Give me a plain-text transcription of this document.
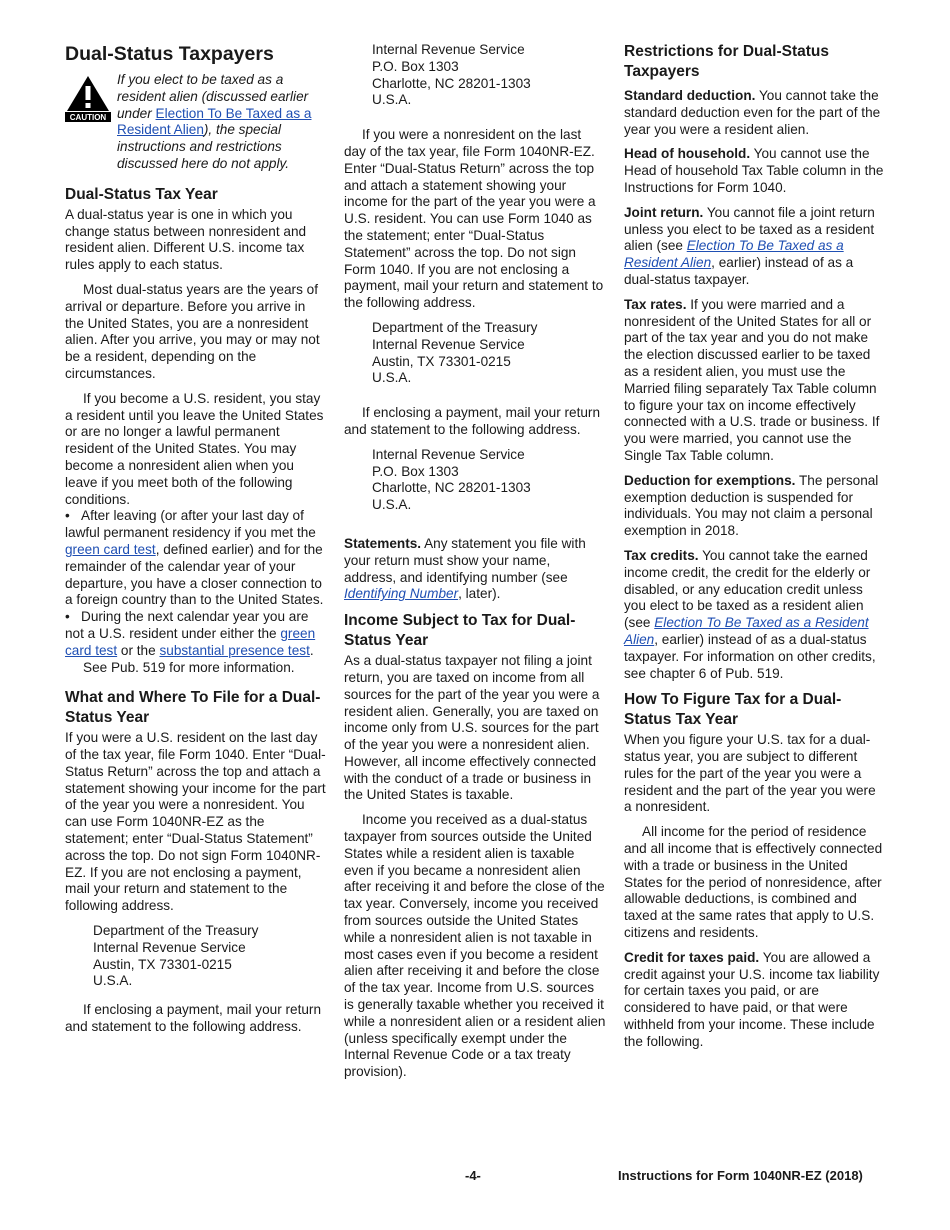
Dual-Status Taxpayers
CAUTION
If you elect to be taxed as a
resident alien (discussed earlier
under Election To Be Taxed as a Resident Alien), the special instructions and restrictions discussed here do not apply.
Dual-Status Tax Year

A dual-status year is one in which you change status between nonresident and resident alien. Different U.S. income tax rules apply to each status.

Most dual-status years are the years of arrival or departure. Before you arrive in the United States, you are a nonresident alien. After you arrive, you may or may not be a resident, depending on the circumstances.

If you become a U.S. resident, you stay a resident until you leave the United States or are no longer a lawful permanent resident of the United States. You may become a nonresident alien when you leave if you meet both of the following conditions.

• After leaving (or after your last day of lawful permanent residency if you met the green card test, defined earlier) and for the remainder of the calendar year of your departure, you have a closer connection to a foreign country than to the United States.

• During the next calendar year you are not a U.S. resident under either the green card test or the substantial presence test.

See Pub. 519 for more information.

What and Where To File for a Dual-Status Year

If you were a U.S. resident on the last day of the tax year, file Form 1040. Enter “Dual-Status Return” across the top and attach a statement showing your income for the part of the year you were a nonresident. You can use Form 1040NR-EZ as the statement; enter “Dual-Status Statement” across the top. Do not sign Form 1040NR-EZ. If you are not enclosing a payment, mail your return and statement to the following address.

Department of the Treasury
Internal Revenue Service
Austin, TX 73301-0215
U.S.A.

If enclosing a payment, mail your return and statement to the following address.

Internal Revenue Service
P.O. Box 1303
Charlotte, NC 28201-1303
U.S.A.

If you were a nonresident on the last day of the tax year, file Form 1040NR-EZ. Enter “Dual-Status Return” across the top and attach a statement showing your income for the part of the year you were a U.S. resident. You can use Form 1040 as the statement; enter “Dual-Status Statement” across the top. Do not sign Form 1040. If you are not enclosing a payment, mail your return and statement to the following address.

Department of the Treasury
Internal Revenue Service
Austin, TX 73301-0215
U.S.A.

If enclosing a payment, mail your return and statement to the following address.

Internal Revenue Service
P.O. Box 1303
Charlotte, NC 28201-1303
U.S.A.

Statements. Any statement you file with your return must show your name, address, and identifying number (see Identifying Number, later).

Income Subject to Tax for Dual-Status Year

As a dual-status taxpayer not filing a joint return, you are taxed on income from all sources for the part of the year you were a resident alien. Generally, you are taxed on income only from U.S. sources for the part of the year you were a nonresident alien. However, all income effectively connected with the conduct of a trade or business in the United States is taxable.

Income you received as a dual-status taxpayer from sources outside the United States while a resident alien is taxable even if you became a nonresident alien after receiving it and before the close of the tax year. Conversely, income you received from sources outside the United States while a nonresident alien is not taxable in most cases even if you become a resident alien after receiving it and before the close of the tax year. Income from U.S. sources is generally taxable whether you received it while a nonresident alien or a resident alien (unless specifically exempt under the Internal Revenue Code or a tax treaty provision).

Restrictions for Dual-Status Taxpayers

Standard deduction. You cannot take the standard deduction even for the part of the year you were a resident alien.

Head of household. You cannot use the Head of household Tax Table column in the Instructions for Form 1040.

Joint return. You cannot file a joint return unless you elect to be taxed as a resident alien (see Election To Be Taxed as a Resident Alien, earlier) instead of as a dual-status taxpayer.

Tax rates. If you were married and a nonresident of the United States for all or part of the tax year and you do not make the election discussed earlier to be taxed as a resident alien, you must use the Married filing separately Tax Table column to figure your tax on income effectively connected with a U.S. trade or business. If you were married, you cannot use the Single Tax Table column.

Deduction for exemptions. The personal exemption deduction is suspended for individuals. You may not claim a personal exemption in 2018.

Tax credits. You cannot take the earned income credit, the credit for the elderly or disabled, or any education credit unless you elect to be taxed as a resident alien (see Election To Be Taxed as a Resident Alien, earlier) instead of as a dual-status taxpayer. For information on other credits, see chapter 6 of Pub. 519.

How To Figure Tax for a Dual-Status Tax Year

When you figure your U.S. tax for a dual-status year, you are subject to different rules for the part of the year you were a resident and the part of the year you were a nonresident.

All income for the period of residence and all income that is effectively connected with a trade or business in the United States for the period of nonresidence, after allowable deductions, is combined and taxed at the same rates that apply to U.S. citizens and residents.

Credit for taxes paid. You are allowed a credit against your U.S. income tax liability for certain taxes you paid, or are considered to have paid, or that were withheld from your income. These include the following.

-4-	Instructions for Form 1040NR-EZ (2018)
